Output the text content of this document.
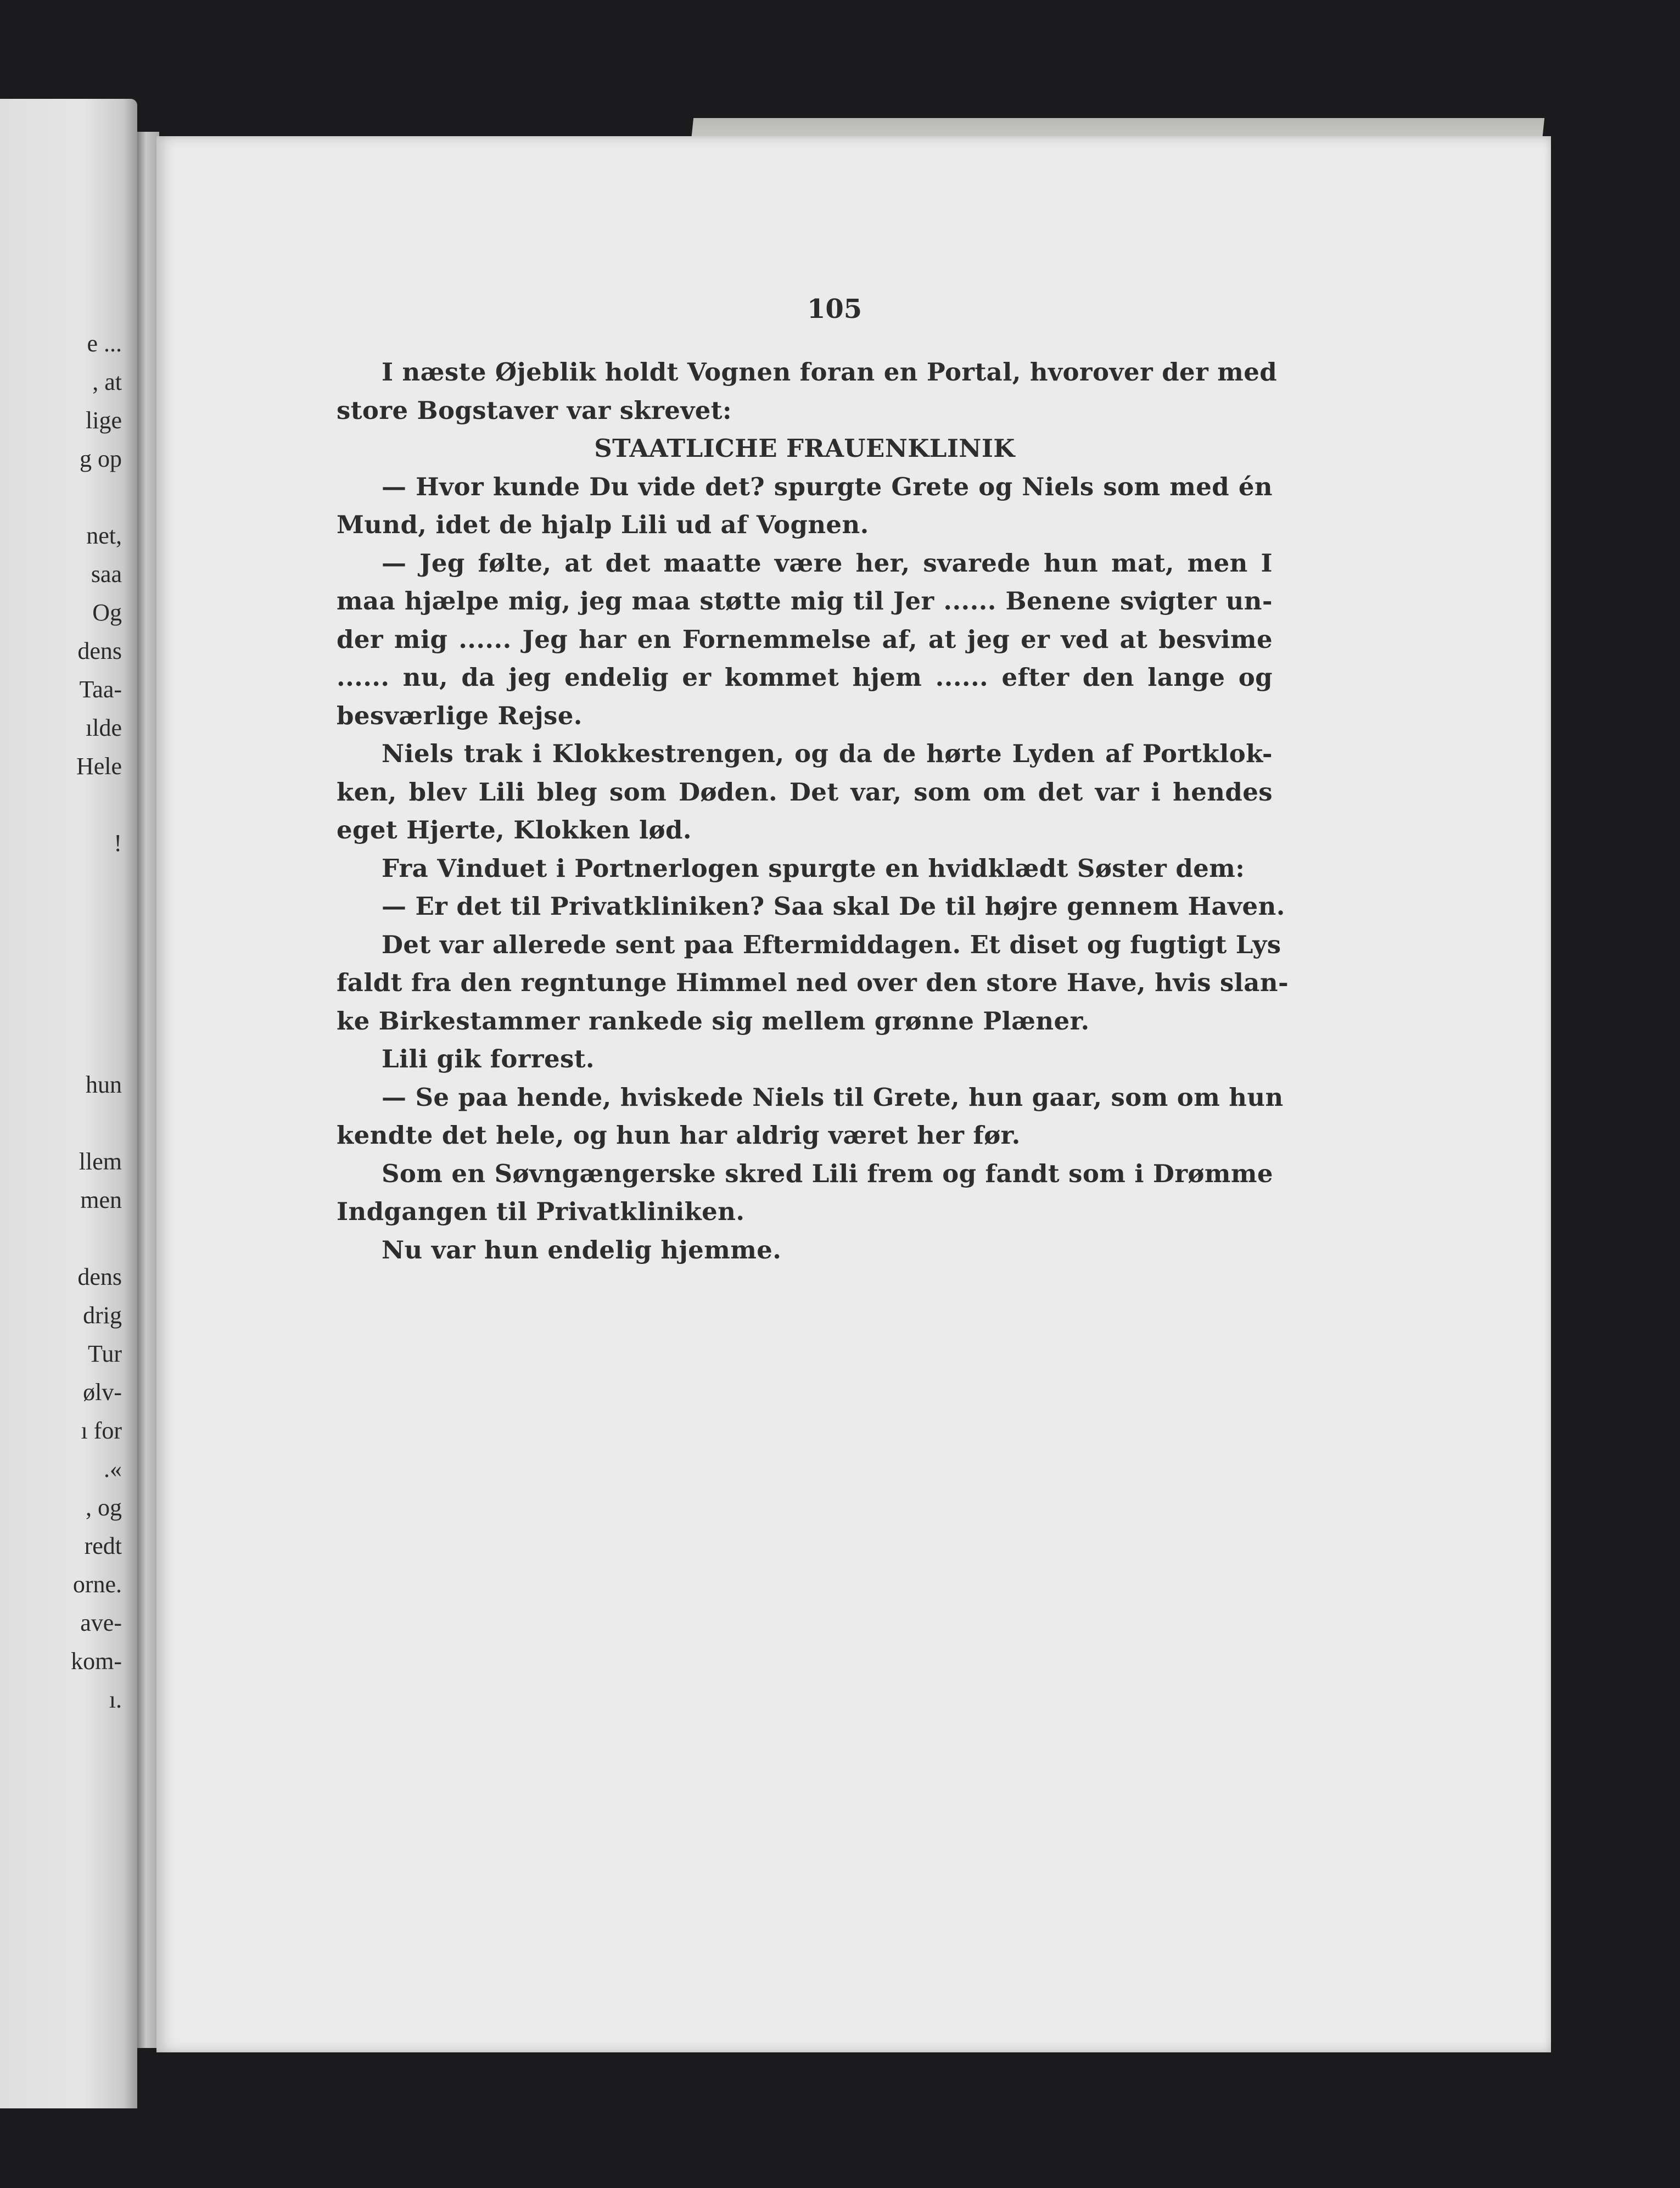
e ...
, at
lige
g op
net,
saa
Og
dens
Taa-
ılde
Hele
!
hun
llem
men
dens
drig
Tur
ølv-
ı for
.«
, og
redt
orne.
ave-
kom-
ı.
I næste Øjeblik holdt Vognen foran en Portal, hvorover der med
store Bogstaver var skrevet:
STAATLICHE FRAUENKLINIK
— Hvor kunde Du vide det? spurgte Grete og Niels som med én
Mund, idet de hjalp Lili ud af Vognen.
— Jeg følte, at det maatte være her, svarede hun mat, men I
maa hjælpe mig, jeg maa støtte mig til Jer ...... Benene svigter un-
der mig ...... Jeg har en Fornemmelse af, at jeg er ved at besvime
...... nu, da jeg endelig er kommet hjem ...... efter den lange og
besværlige Rejse.
Niels trak i Klokkestrengen, og da de hørte Lyden af Portklok-
ken, blev Lili bleg som Døden. Det var, som om det var i hendes
eget Hjerte, Klokken lød.
Fra Vinduet i Portnerlogen spurgte en hvidklædt Søster dem:
— Er det til Privatkliniken? Saa skal De til højre gennem Haven.
Det var allerede sent paa Eftermiddagen. Et diset og fugtigt Lys
faldt fra den regntunge Himmel ned over den store Have, hvis slan-
ke Birkestammer rankede sig mellem grønne Plæner.
Lili gik forrest.
— Se paa hende, hviskede Niels til Grete, hun gaar, som om hun
kendte det hele, og hun har aldrig været her før.
Som en Søvngængerske skred Lili frem og fandt som i Drømme
Indgangen til Privatkliniken.
Nu var hun endelig hjemme.
